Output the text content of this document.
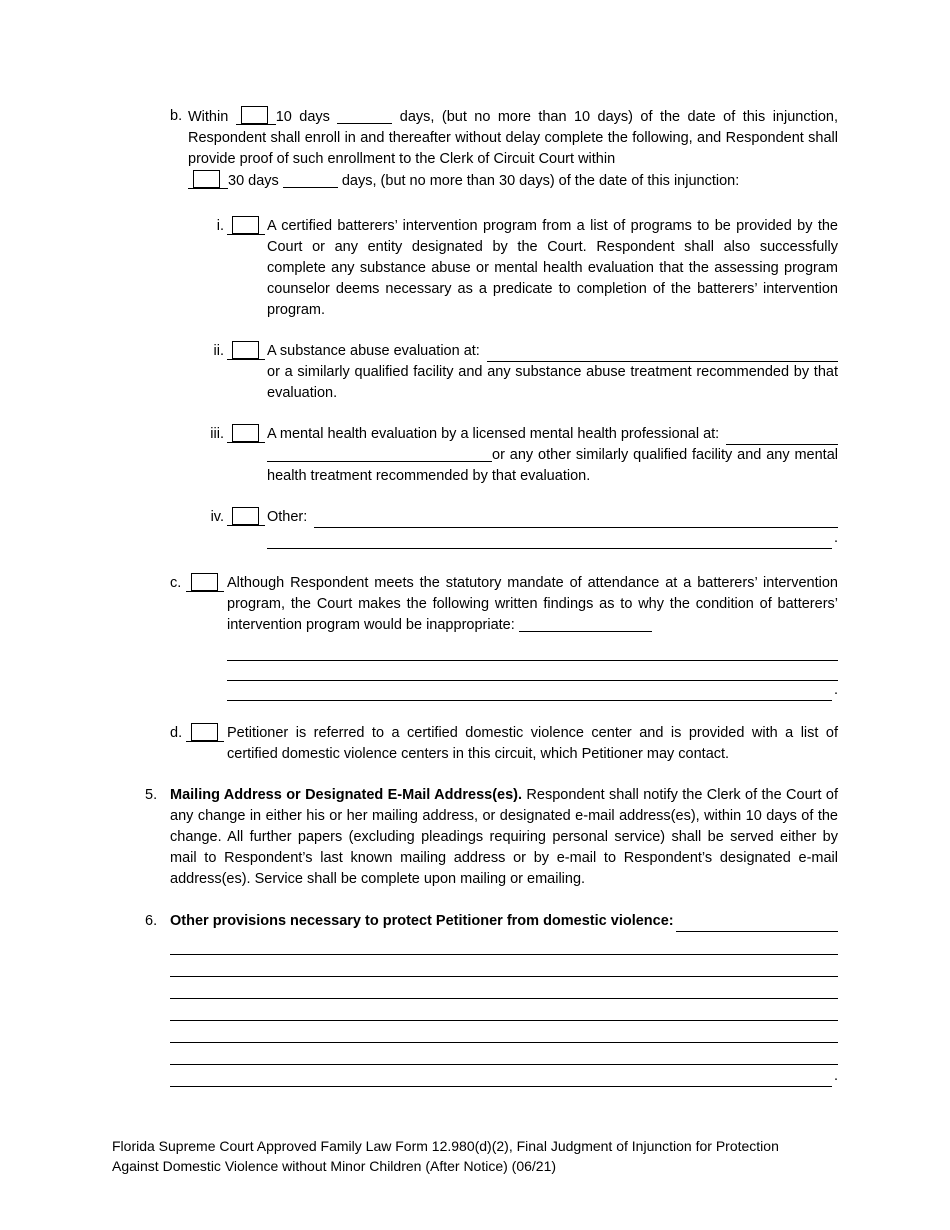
b. Within	10 days	days, (but no more than 10 days) of the date of this injunction, Respondent shall enroll in and thereafter without delay complete the following, and Respondent shall provide proof of such enrollment to the Clerk of Circuit Court within

30 days	days, (but no more than 30 days) of the date of this injunction:
i.	A certified batterers’ intervention program from a list of programs to be provided by the Court or any entity designated by the Court. Respondent shall also successfully complete any substance abuse or mental health evaluation that the assessing program counselor deems necessary as a predicate to completion of the batterers’ intervention program.
ii.	A substance abuse evaluation at:
or a similarly qualified facility and any substance abuse treatment recommended by that evaluation.
iii.	A mental health evaluation by a licensed mental health professional at:
or any other similarly qualified facility and any mental health treatment recommended by that evaluation.
iv.	Other:
.
c.	Although Respondent meets the statutory mandate of attendance at a batterers’ intervention program, the Court makes the following written findings as to why the condition of batterers’ intervention program would be inappropriate:
.
d.	Petitioner is referred to a certified domestic violence center and is provided with a list of certified domestic violence centers in this circuit, which Petitioner may contact.
5. Mailing Address or Designated E-Mail Address(es). Respondent shall notify the Clerk of the Court of any change in either his or her mailing address, or designated e-mail address(es), within 10 days of the change. All further papers (excluding pleadings requiring personal service) shall be served either by mail to Respondent’s last known mailing address or by e-mail to Respondent’s designated e-mail address(es). Service shall be complete upon mailing or emailing.
6. Other provisions necessary to protect Petitioner from domestic violence:
.
Florida Supreme Court Approved Family Law Form 12.980(d)(2), Final Judgment of Injunction for Protection
Against Domestic Violence without Minor Children (After Notice) (06/21)
